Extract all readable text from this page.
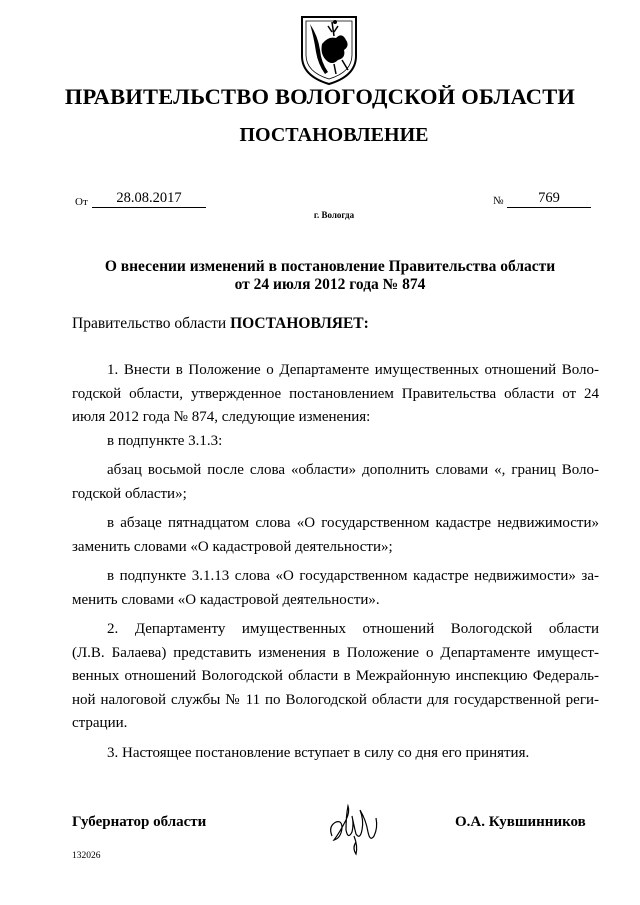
ПРАВИТЕЛЬСТВО ВОЛОГОДСКОЙ ОБЛАСТИ
ПОСТАНОВЛЕНИЕ
От	28.08.2017	№	769
г. Вологда
О внесении изменений в постановление Правительства области
от 24 июля 2012 года № 874
Правительство области ПОСТАНОВЛЯЕТ:
1. Внести в Положение о Департаменте имущественных отношений Воло-
годской области, утвержденное постановлением Правительства области от 24
июля 2012 года № 874, следующие изменения:
в подпункте 3.1.3:
абзац восьмой после слова «области» дополнить словами «, границ Воло-
годской области»;
в абзаце пятнадцатом слова «О государственном кадастре недвижимости»
заменить словами «О кадастровой деятельности»;
в подпункте 3.1.13 слова «О государственном кадастре недвижимости» за-
менить словами «О кадастровой деятельности».
2. Департаменту имущественных отношений Вологодской области
(Л.В. Балаева) представить изменения в Положение о Департаменте имущест-
венных отношений Вологодской области в Межрайонную инспекцию Федераль-
ной налоговой службы № 11 по Вологодской области для государственной реги-
страции.
3. Настоящее постановление вступает в силу со дня его принятия.
Губернатор области	О.А. Кувшинников
132026
